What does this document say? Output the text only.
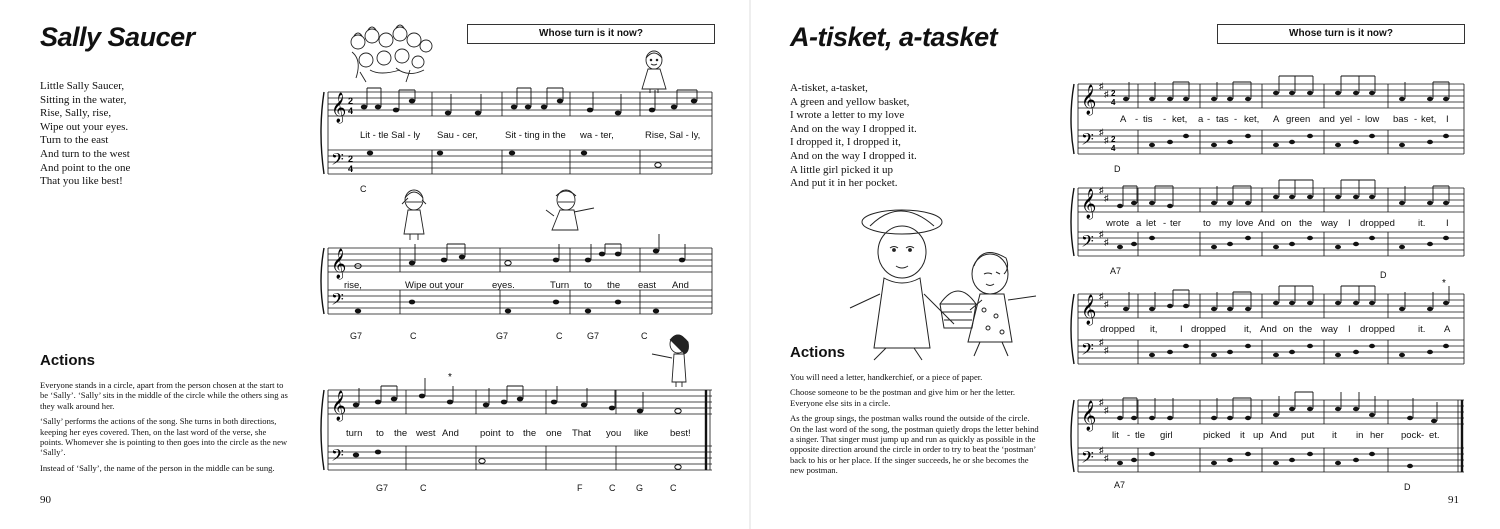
Sally Saucer	Whose turn is it now?
Little Sally Saucer,
Sitting in the water,
Rise, Sally, rise,
Wipe out your eyes.
Turn to the east
And turn to the west
And point to the one
That you like best!
Actions

Everyone stands in a circle, apart from the person chosen at the start to be ‘Sally’. ‘Sally’ sits in the middle of the circle while the others sing as they walk around her.

‘Sally’ performs the actions of the song. She turns in both directions, keeping her eyes covered. Then, on the last word of the verse, she points. Whomever she is pointing to then goes into the circle as the new ‘Sally’.

Instead of ‘Sally’, the name of the person in the middle can be sung.

90
𝄞
𝄢
2
4
2
4
Lit - tle Sal - ly Sau - cer,	Sit - ting in the wa - ter,	Rise, Sal - ly,
C
𝄞
𝄢
rise,	Wipe out your	eyes.	Turn to the east And
G7	C	G7	C	G7	C
𝄞
𝄢
*
turn to the west And point to the one That you like best!
G7	C	F	C G	C
A-tisket, a-tasket	Whose turn is it now?
A-tisket, a-tasket,
A green and yellow basket,
I wrote a letter to my love
And on the way I dropped it.
I dropped it, I dropped it,
And on the way I dropped it.
A little girl picked it up
And put it in her pocket.
Actions

You will need a letter, handkerchief, or a piece of paper.

Choose someone to be the postman and give him or her the letter. Everyone else sits in a circle.

As the group sings, the postman walks round the outside of the circle. On the last word of the song, the postman quietly drops the letter behind a singer. That singer must jump up and run as quickly as possible in the opposite direction around the circle in order to try to beat the ‘postman’ back to his or her place. If the singer succeeds, he or she becomes the new postman.

91
𝄞
𝄢
♯
♯
♯
♯
2
4
2
4
A - tis - ket, a - tas - ket, A green and yel - low bas - ket, I
D
𝄞
𝄢
♯
♯
♯
♯
wrote a let - ter to my love And on the way I dropped it. I
A7	D
𝄞
𝄢
♯
♯
♯
♯
*
dropped it, I dropped it, And on the way I dropped it. A
𝄞
𝄢
♯
♯
♯
♯
lit - tle girl	picked it up And put it in her pock - et.
A7	D
